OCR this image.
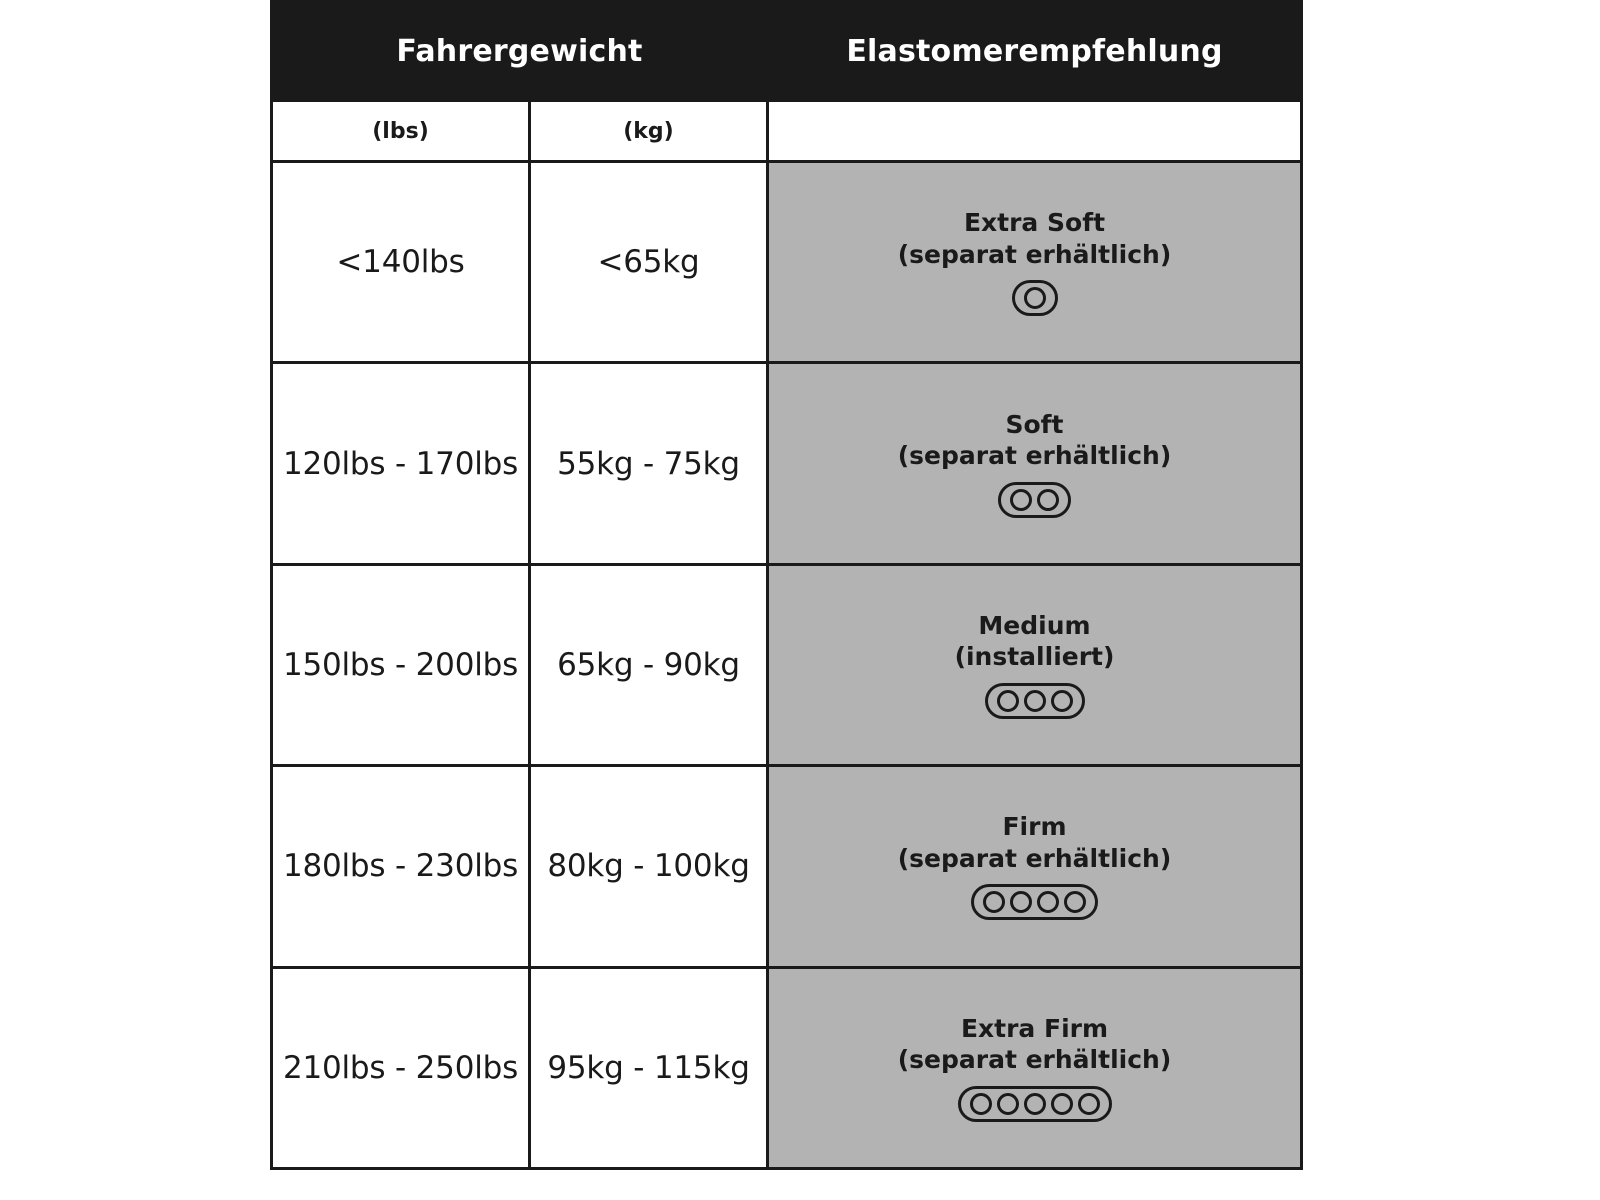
Fahrergewicht		Elastomerempfehlung
(lbs)	(kg)	
<140lbs	<65kg	Extra Soft
(separat erhältlich)

120lbs - 170lbs	55kg - 75kg	Soft
(separat erhältlich)

150lbs - 200lbs	65kg - 90kg	Medium
(installiert)

180lbs - 230lbs	80kg - 100kg	Firm
(separat erhältlich)

210lbs - 250lbs	95kg - 115kg	Extra Firm
(separat erhältlich)
